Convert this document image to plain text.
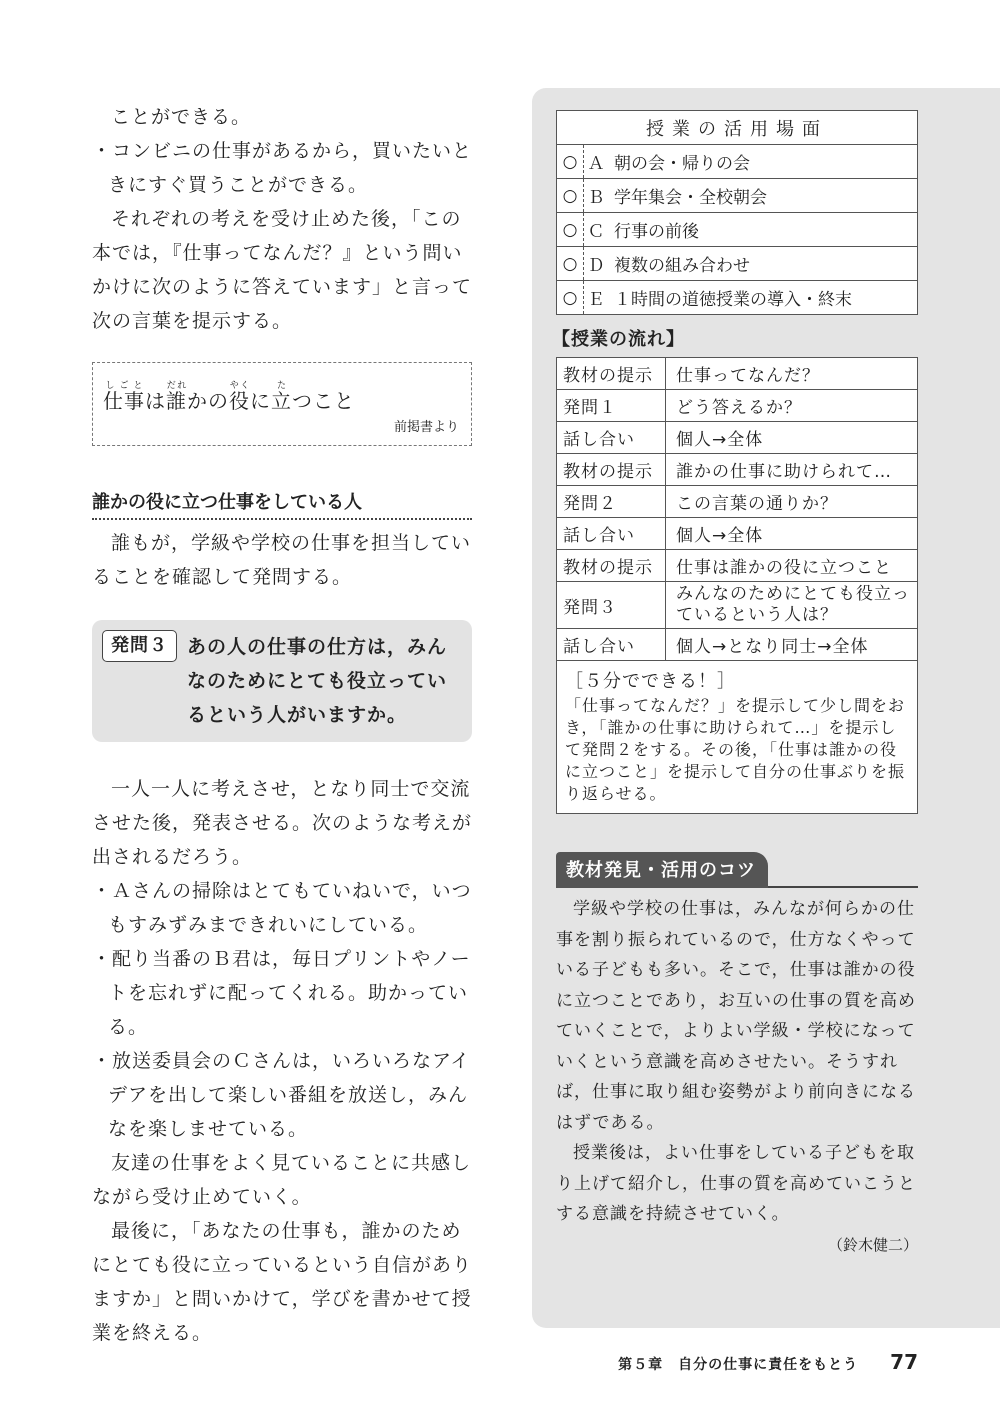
ことができる。

・コンビニの仕事があるから，買いたいときにすぐ買うことができる。

それぞれの考えを受け止めた後，「この本では，『仕事ってなんだ？』という問いかけに次のように答えています」と言って次の言葉を提示する。

仕事しごとは誰だれかの役やくに立たつこと
前掲書より
誰かの役に立つ仕事をしている人

誰もが，学級や学校の仕事を担当していることを確認して発問する。

発問３	あの人の仕事の仕方は，みんなのためにとても役立っているという人がいますか。

一人一人に考えさせ，となり同士で交流させた後，発表させる。次のような考えが出されるだろう。

・Ａさんの掃除はとてもていねいで，いつもすみずみまできれいにしている。

・配り当番のＢ君は，毎日プリントやノートを忘れずに配ってくれる。助かっている。

・放送委員会のＣさんは，いろいろなアイデアを出して楽しい番組を放送し，みんなを楽しませている。

友達の仕事をよく見ていることに共感しながら受け止めていく。

最後に，「あなたの仕事も，誰かのためにとても役に立っているという自信がありますか」と問いかけて，学びを書かせて授業を終える。

授業の活用場面		
○	Ａ	朝の会・帰りの会
○	Ｂ	学年集会・全校朝会
○	Ｃ	行事の前後
○	Ｄ	複数の組み合わせ
○	Ｅ	１時間の道徳授業の導入・終末
【授業の流れ】
教材の提示	仕事ってなんだ？
発問１	どう答えるか？
話し合い	個人→全体
教材の提示	誰かの仕事に助けられて…
発問２	この言葉の通りか？
話し合い	個人→全体
教材の提示	仕事は誰かの役に立つこと
発問３	みんなのためにとても役立っているという人は？
話し合い	個人→となり同士→全体
［５分でできる！］
「仕事ってなんだ？」を提示して少し間をおき，「誰かの仕事に助けられて…」を提示して発問２をする。その後，「仕事は誰かの役に立つこと」を提示して自分の仕事ぶりを振り返らせる。
教材発見・活用のコツ

学級や学校の仕事は，みんなが何らかの仕事を割り振られているので，仕方なくやっている子どもも多い。そこで，仕事は誰かの役に立つことであり，お互いの仕事の質を高めていくことで，よりよい学級・学校になっていくという意識を高めさせたい。そうすれば，仕事に取り組む姿勢がより前向きになるはずである。

授業後は，よい仕事をしている子どもを取り上げて紹介し，仕事の質を高めていこうとする意識を持続させていく。

（鈴木健二）
第５章　自分の仕事に責任をもとう 77
